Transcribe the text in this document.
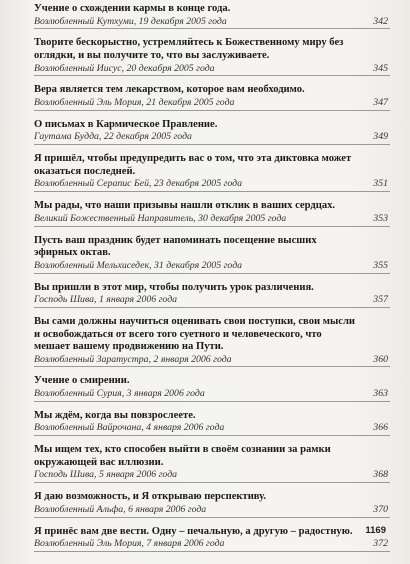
Учение о схождении кармы в конце года.

Возлюбленный Кутхуми, 19 декабря 2005 года	342

Творите бескорыстно, устремляйтесь к Божественному миру без оглядки, и вы получите то, что вы заслуживаете.

Возлюбленный Иисус, 20 декабря 2005 года	345

Вера является тем лекарством, которое вам необходимо.

Возлюбленный Эль Мория, 21 декабря 2005 года	347

О письмах в Кармическое Правление.

Гаутама Будда, 22 декабря 2005 года	349

Я пришёл, чтобы предупредить вас о том, что эта диктовка может оказаться последней.

Возлюбленный Серапис Бей, 23 декабря 2005 года	351

Мы рады, что наши призывы нашли отклик в ваших сердцах.

Великий Божественный Направитель, 30 декабря 2005 года	353

Пусть ваш праздник будет напоминать посещение высших эфирных октав.

Возлюбленный Мельхиседек, 31 декабря 2005 года	355

Вы пришли в этот мир, чтобы получить урок различения.

Господь Шива, 1 января 2006 года	357

Вы сами должны научиться оценивать свои поступки, свои мысли и освобождаться от всего того суетного и человеческого, что мешает вашему продвижению на Пути.

Возлюбленный Заратустра, 2 января 2006 года	360

Учение о смирении.

Возлюбленный Сурия, 3 января 2006 года	363

Мы ждём, когда вы повзрослеете.

Возлюбленный Вайрочана, 4 января 2006 года	366

Мы ищем тех, кто способен выйти в своём сознании за рамки окружающей вас иллюзии.

Господь Шива, 5 января 2006 года	368

Я даю возможность, и Я открываю перспективу.

Возлюбленный Альфа, 6 января 2006 года	370

Я принёс вам две вести. Одну – печальную, а другую – радостную.

Возлюбленный Эль Мория, 7 января 2006 года	372
1169
